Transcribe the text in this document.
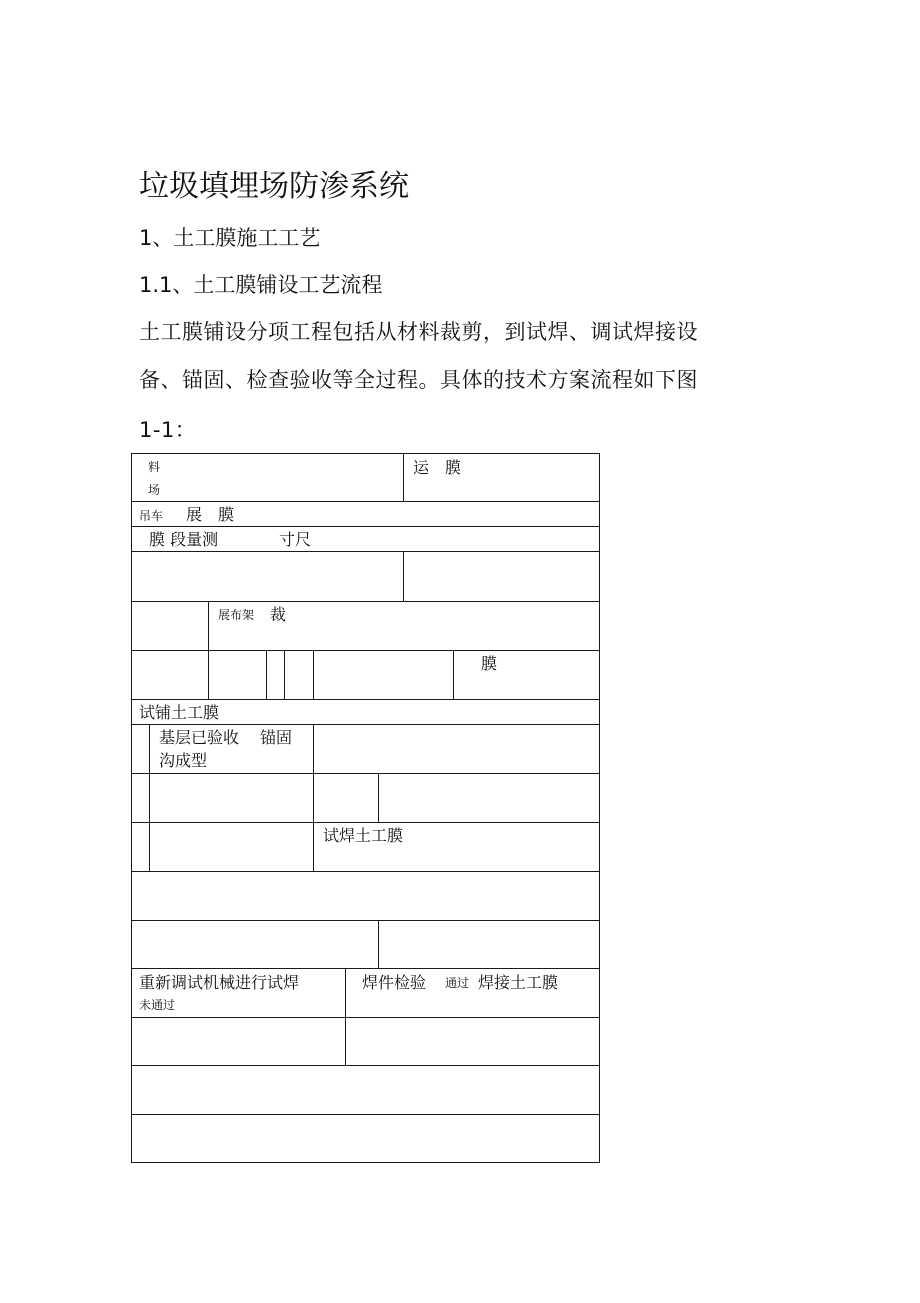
垃圾填埋场防渗系统
1、土工膜施工工艺
1.1、土工膜铺设工艺流程
土工膜铺设分项工程包括从材料裁剪，到试焊、调试焊接设
备、锚固、检查验收等全过程。具体的技术方案流程如下图
1-1：
料
场
运　膜
吊车 展　膜
膜 段量测	寸尺
展布架 裁
膜
试铺土工膜
基层已验收 锚固
沟成型
试焊土工膜
重新调试机械进行试焊
未通过
焊件检验 通过 焊接土工膜
